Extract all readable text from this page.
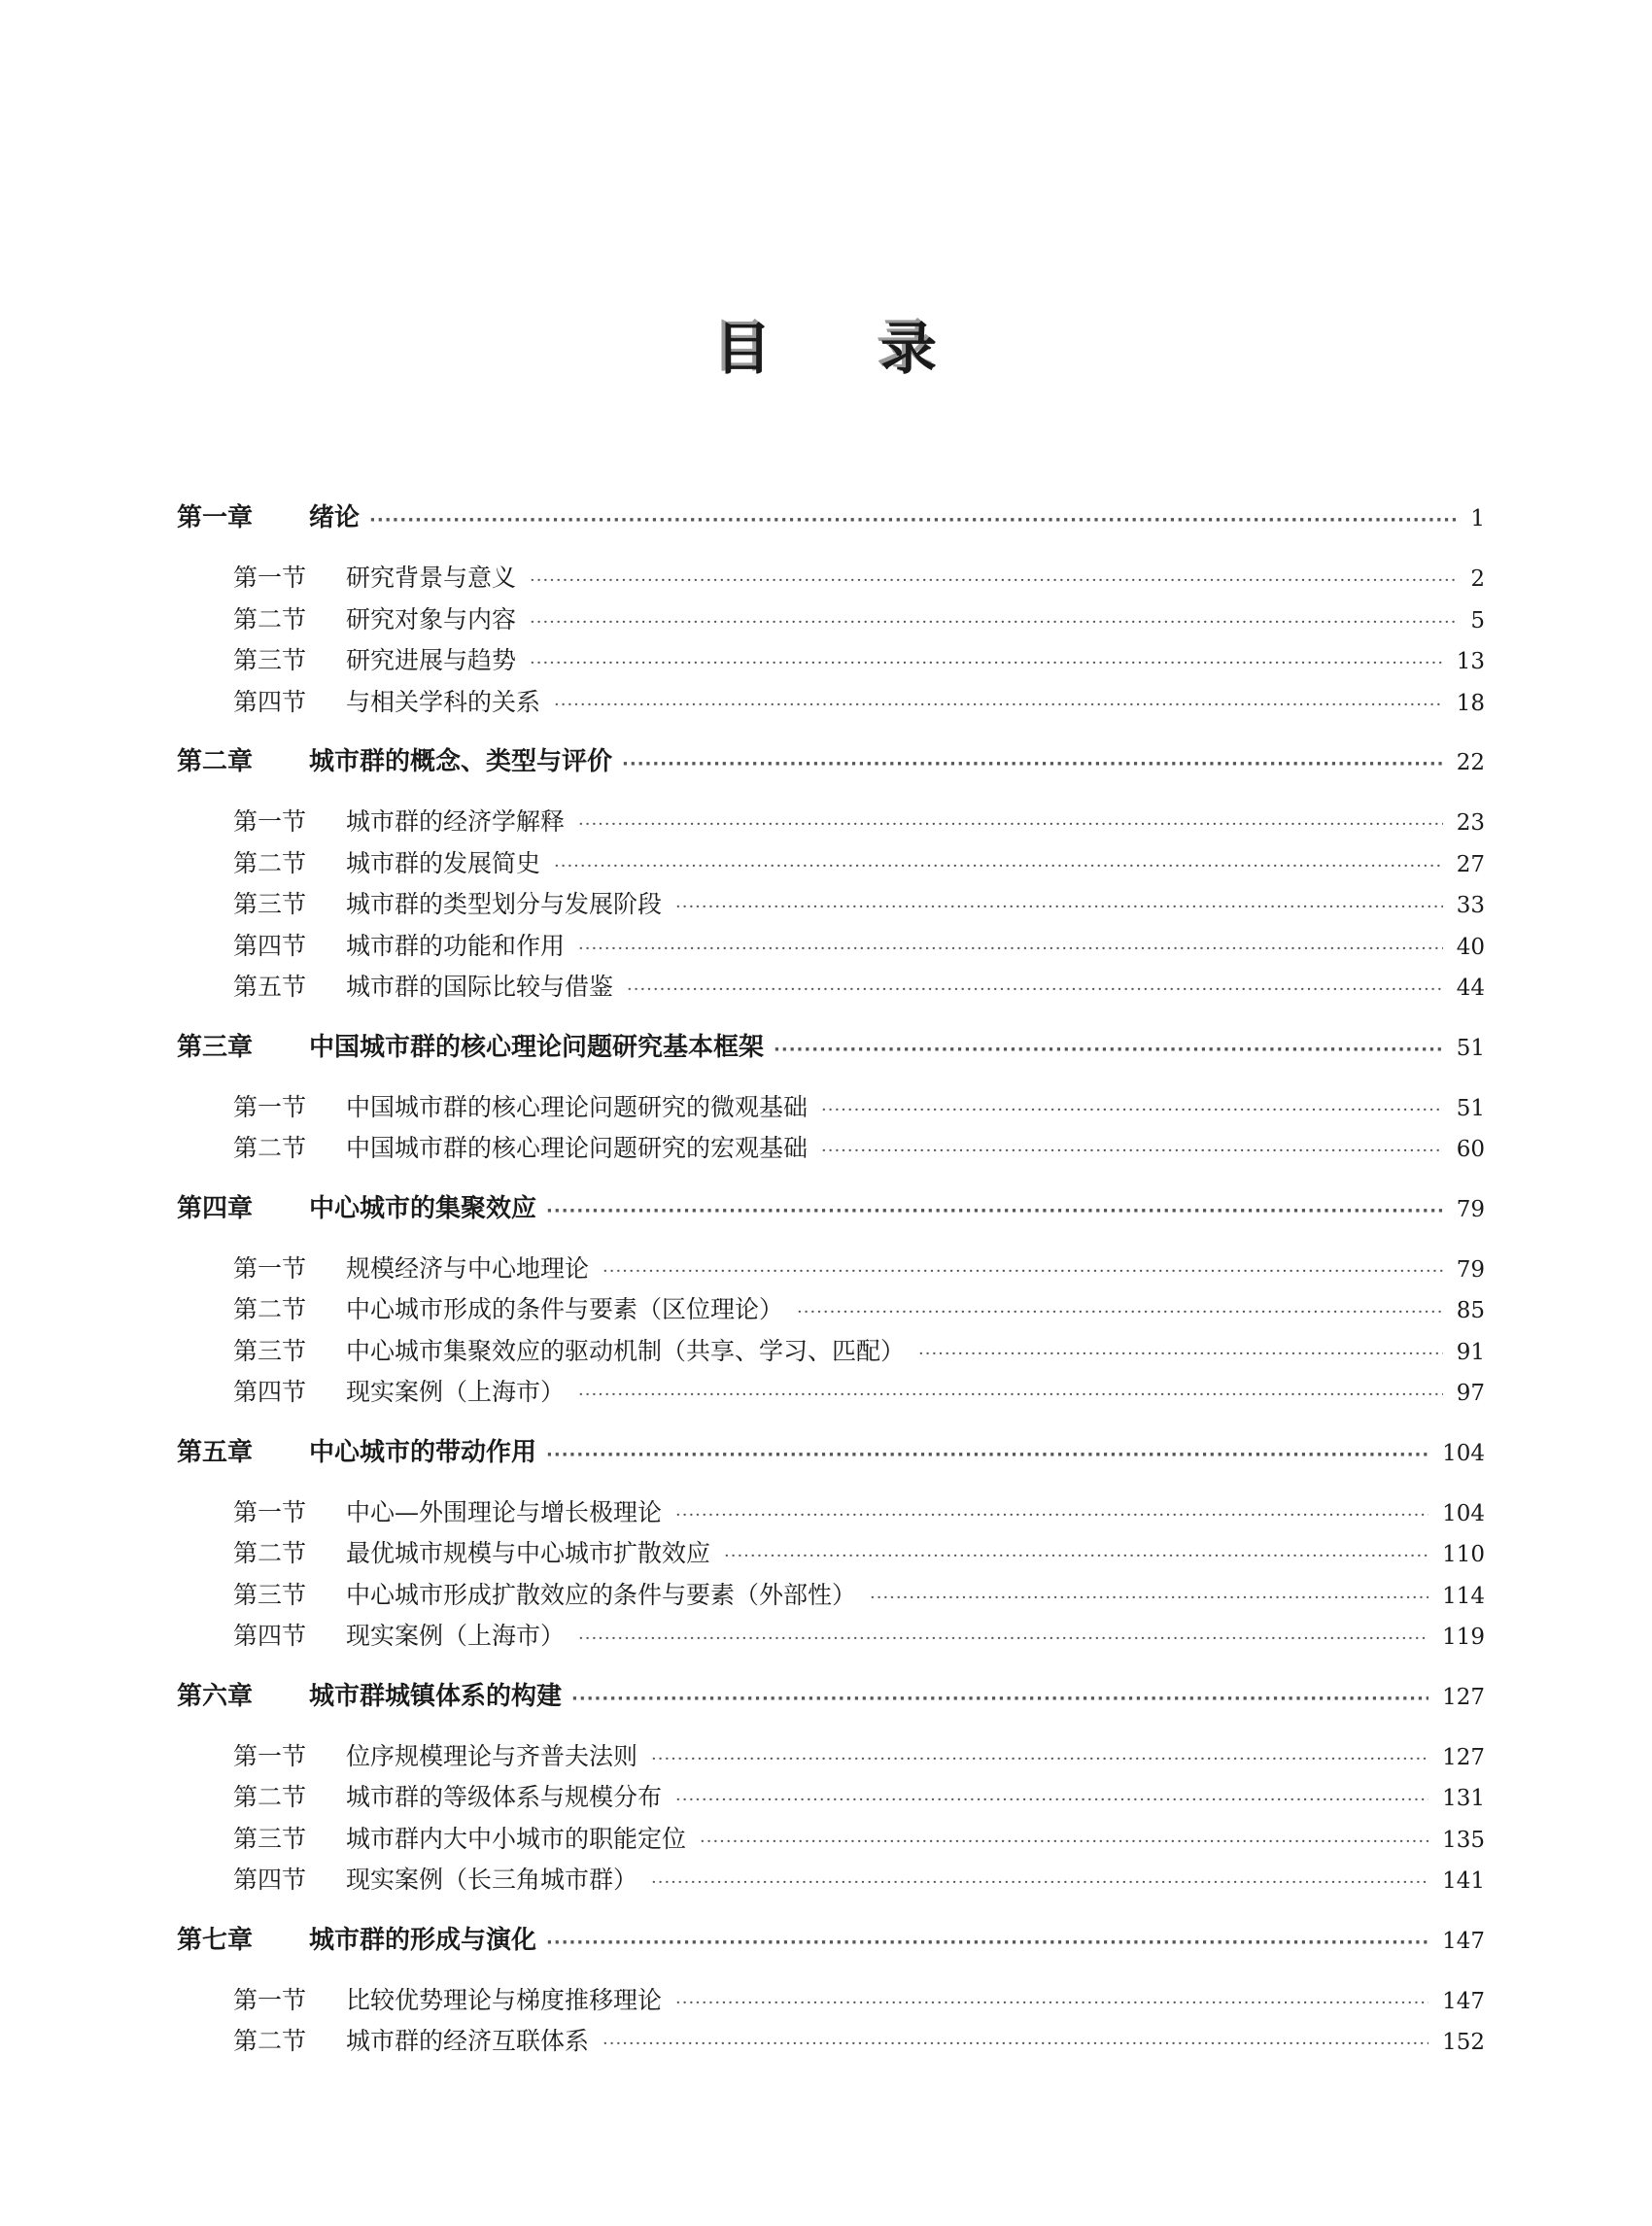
目 录
第一章	绪论 ·····	1
第一节	研究背景与意义 ·····	2
第二节	研究对象与内容 ·····	5
第三节	研究进展与趋势 ·····	13
第四节	与相关学科的关系 ·····	18
第二章	城市群的概念、类型与评价 ·····	22
第一节	城市群的经济学解释 ·····	23
第二节	城市群的发展简史 ·····	27
第三节	城市群的类型划分与发展阶段 ·····	33
第四节	城市群的功能和作用 ·····	40
第五节	城市群的国际比较与借鉴 ·····	44
第三章	中国城市群的核心理论问题研究基本框架 ·····	51
第一节	中国城市群的核心理论问题研究的微观基础 ·····	51
第二节	中国城市群的核心理论问题研究的宏观基础 ·····	60
第四章	中心城市的集聚效应 ·····	79
第一节	规模经济与中心地理论 ·····	79
第二节	中心城市形成的条件与要素（区位理论） ·····	85
第三节	中心城市集聚效应的驱动机制（共享、学习、匹配） ·····	91
第四节	现实案例（上海市） ·····	97
第五章	中心城市的带动作用 ·····	104
第一节	中心—外围理论与增长极理论 ·····	104
第二节	最优城市规模与中心城市扩散效应 ·····	110
第三节	中心城市形成扩散效应的条件与要素（外部性） ·····	114
第四节	现实案例（上海市） ·····	119
第六章	城市群城镇体系的构建 ·····	127
第一节	位序规模理论与齐普夫法则 ·····	127
第二节	城市群的等级体系与规模分布 ·····	131
第三节	城市群内大中小城市的职能定位 ·····	135
第四节	现实案例（长三角城市群） ·····	141
第七章	城市群的形成与演化 ·····	147
第一节	比较优势理论与梯度推移理论 ·····	147
第二节	城市群的经济互联体系 ·····	152
